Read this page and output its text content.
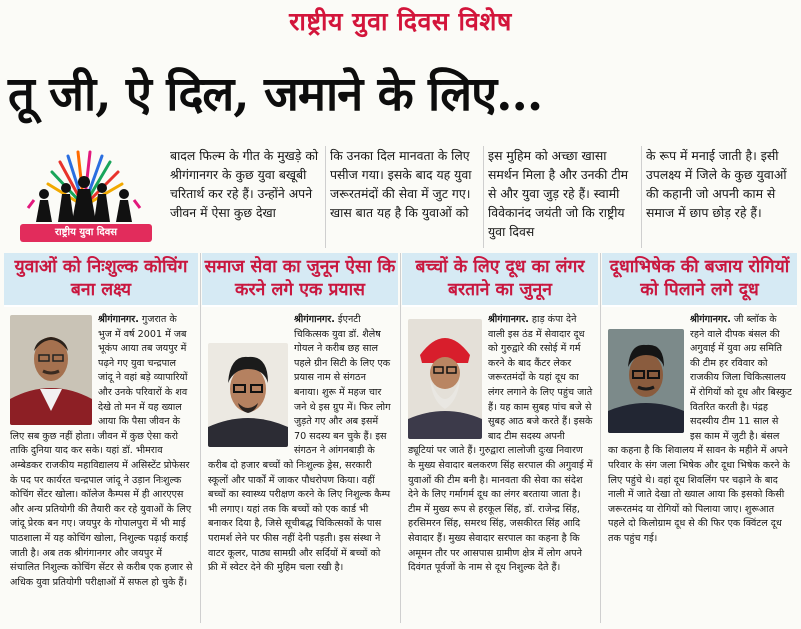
राष्ट्रीय युवा दिवस विशेष
तू जी, ऐ दिल, जमाने के लिए...
राष्ट्रीय युवा दिवस
बादल फिल्म के गीत के मुखड़े को श्रीगंगानगर के कुछ युवा बखूबी चरितार्थ कर रहे हैं। उन्होंने अपने जीवन में ऐसा कुछ देखा
कि उनका दिल मानवता के लिए पसीज गया। इसके बाद यह युवा जरूरतमंदों की सेवा में जुट गए। खास बात यह है कि युवाओं को
इस मुहिम को अच्छा खासा समर्थन मिला है और उनकी टीम से और युवा जुड़ रहे हैं। स्वामी विवेकानंद जयंती जो कि राष्ट्रीय युवा दिवस
के रूप में मनाई जाती है। इसी उपलक्ष्य में जिले के कुछ युवाओं की कहानी जो अपनी काम से समाज में छाप छोड़ रहे हैं।
युवाओं को निःशुल्क कोचिंग बना लक्ष्य
श्रीगंगानगर. गुजरात के भुज में वर्ष 2001 में जब भूकंप आया तब जयपुर में पढ़ने गए युवा चन्द्रपाल जांदू ने वहां बड़े व्यापारियों और उनके परिवारों के शव देखे तो मन में यह ख्याल आया कि पैसा जीवन के लिए सब कुछ नहीं होता। जीवन में कुछ ऐसा करो ताकि दुनिया याद कर सके। यहां डॉ. भीमराव अम्बेडकर राजकीय महाविद्यालय में असिस्टेंट प्रोफेसर के पद पर कार्यरत चन्द्रपाल जांदू ने उड़ान निःशुल्क कोचिंग सेंटर खोला। कॉलेज कैम्पस में ही आरएएस और अन्य प्रतियोगी की तैयारी कर रहे युवाओं के लिए जांदू प्रेरक बन गए। जयपुर के गोपालपुरा में भी माई पाठशाला में यह कोचिंग खोला, निशुल्क पढ़ाई कराई जाती है। अब तक श्रीगंगानगर और जयपुर में संचालित निशुल्क कोचिंग सेंटर से करीब एक हजार से अधिक युवा प्रतियोगी परीक्षाओं में सफल हो चुके हैं।
समाज सेवा का जुनून ऐसा कि करने लगे एक प्रयास
श्रीगंगानगर. ईएनटी चिकित्सक युवा डॉ. शैलेष गोयल ने करीब छह साल पहले ग्रीन सिटी के लिए एक प्रयास नाम से संगठन बनाया। शुरू में महज चार जने थे इस ग्रुप में। फिर लोग जुड़ते गए और अब इसमें 70 सदस्य बन चुके हैं। इस संगठन ने आंगनबाड़ी के करीब दो हजार बच्चों को निःशुल्क ड्रेस, सरकारी स्कूलों और पार्कों में जाकर पौधरोपण किया। वहीं बच्चों का स्वास्थ्य परीक्षण करने के लिए निशुल्क कैम्प भी लगाए। यहां तक कि बच्चों को एक कार्ड भी बनाकर दिया है, जिसे सूचीबद्ध चिकित्सकों के पास परामर्श लेने पर फीस नहीं देनी पड़ती। इस संस्था ने वाटर कूलर, पाठ्य सामग्री और सर्दियों में बच्चों को फ्री में स्वेटर देने की मुहिम चला रखी है।
बच्चों के लिए दूध का लंगर बरताने का जुनून
श्रीगंगानगर. हाड़ कंपा देने वाली इस ठंड में सेवादार दूध को गुरुद्वारे की रसोई में गर्म करने के बाद कैंटर लेकर जरूरतमंदों के यहां दूध का लंगर लगाने के लिए पहुंच जाते हैं। यह काम सुबह पांच बजे से सुबह आठ बजे करते हैं। इसके बाद टीम सदस्य अपनी ड्यूटियां पर जाते हैं। गुरुद्वारा लालोजी दुःख निवारण के मुख्य सेवादार बलकरण सिंह सरपाल की अगुवाई में युवाओं की टीम बनी है। मानवता की सेवा का संदेश देने के लिए गर्मागर्म दूध का लंगर बरताया जाता है। टीम में मुख्य रूप से हरकूल सिंह, डॉ. राजेन्द्र सिंह, हरसिमरन सिंह, समरथ सिंह, जसकीरत सिंह आदि सेवादार हैं। मुख्य सेवादार सरपाल का कहना है कि अमूमन तौर पर आसपास ग्रामीण क्षेत्र में लोग अपने दिवंगत पूर्वजों के नाम से दूध निशुल्क देते हैं।
दूधाभिषेक की बजाय रोगियों को पिलाने लगे दूध
श्रीगंगानगर. जी ब्लॉक के रहने वाले दीपक बंसल की अगुवाई में युवा अग्र समिति की टीम हर रविवार को राजकीय जिला चिकित्सालय में रोगियों को दूध और बिस्कुट वितरित करती है। पंद्रह सदस्यीय टीम 11 साल से इस काम में जुटी है। बंसल का कहना है कि शिवालय में सावन के महीने में अपने परिवार के संग जला भिषेक और दूधा भिषेक करने के लिए पहुंचे थे। वहां दूध शिवलिंग पर चढ़ाने के बाद नाली में जाते देखा तो ख्याल आया कि इसको किसी जरूरतमंद या रोगियों को पिलाया जाए। शुरूआत पहले दो किलोग्राम दूध से की फिर एक क्विंटल दूध तक पहुंच गई।
